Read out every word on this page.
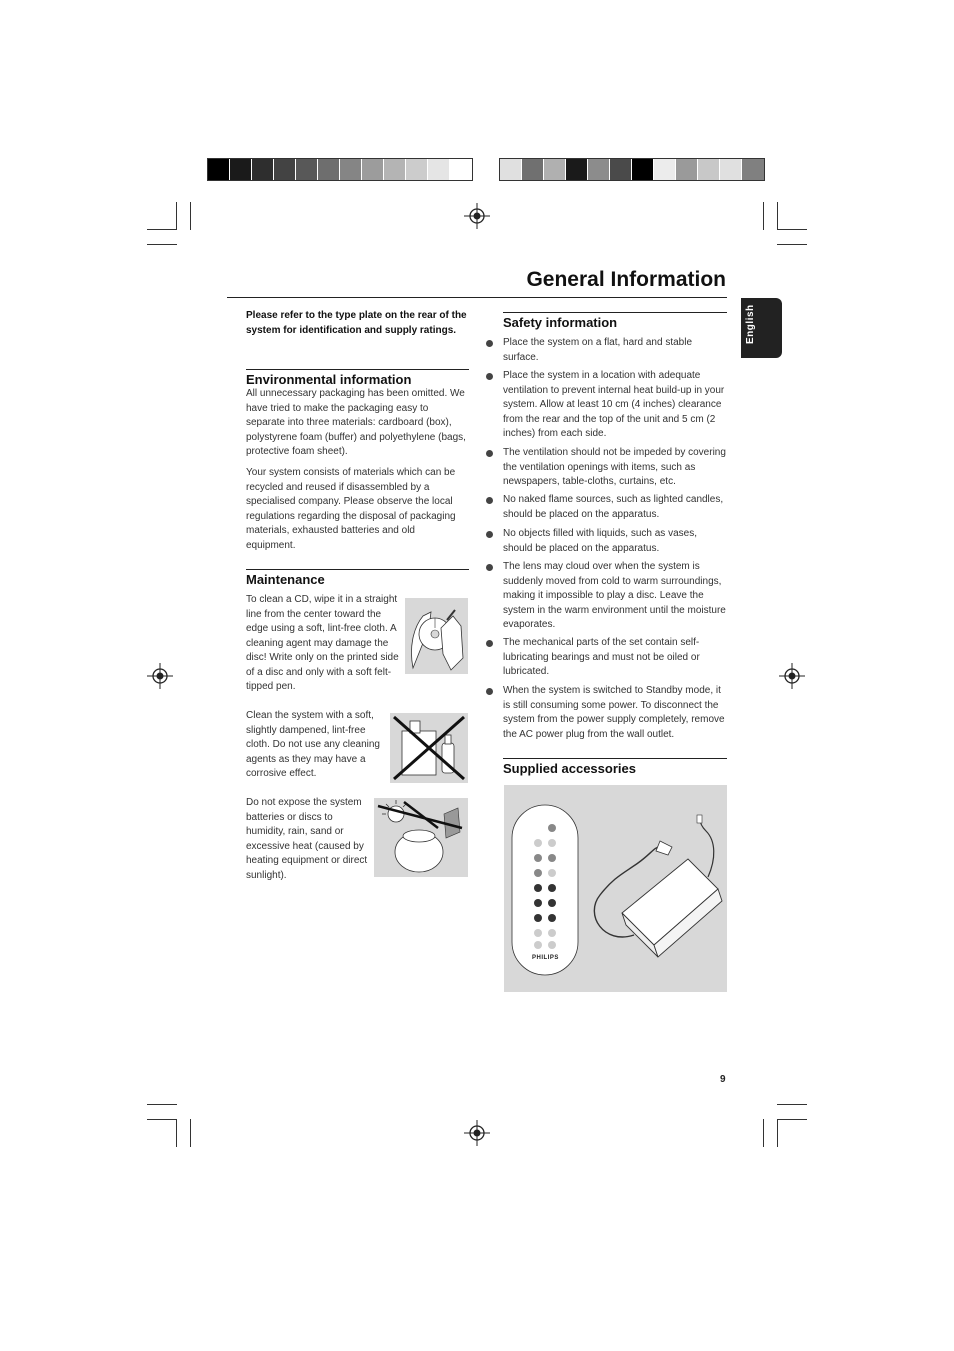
General Information
English
Please refer to the type plate on the rear of the system for identification and supply ratings.
Environmental information

All unnecessary packaging has been omitted. We have tried to make the packaging easy to separate into three materials: cardboard (box), polystyrene foam (buffer) and polyethylene (bags, protective foam sheet).

Your system consists of materials which can be recycled and reused if disassembled by a specialised company. Please observe the local regulations regarding the disposal of packaging materials, exhausted batteries and old equipment.

Maintenance

To clean a CD, wipe it in a straight line from the center toward the edge using a soft, lint-free cloth. A cleaning agent may damage the disc! Write only on the printed side of a disc and only with a soft felt-tipped pen.

Clean the system with a soft, slightly dampened, lint-free cloth. Do not use any cleaning agents as they may have a corrosive effect.

Do not expose the system batteries or discs to humidity, rain, sand or excessive heat (caused by heating equipment or direct sunlight).

Safety information
Place the system on a flat, hard and stable surface.
Place the system in a location with adequate ventilation to prevent internal heat build-up in your system. Allow at least 10 cm (4 inches) clearance from the rear and the top of the unit and 5 cm (2 inches) from each side.
The ventilation should not be impeded by covering the ventilation openings with items, such as newspapers, table-cloths, curtains, etc.
No naked flame sources, such as lighted candles, should be placed on the apparatus.
No objects filled with liquids, such as vases, should be placed on the apparatus.
The lens may cloud over when the system is suddenly moved from cold to warm surroundings, making it impossible to play a disc. Leave the system in the warm environment until the moisture evaporates.
The mechanical parts of the set contain self-lubricating bearings and must not be oiled or lubricated.
When the system is switched to Standby mode, it is still consuming some power. To disconnect the system from the power supply completely, remove the AC power plug from the wall outlet.
Supplied accessories
PHILIPS
9
